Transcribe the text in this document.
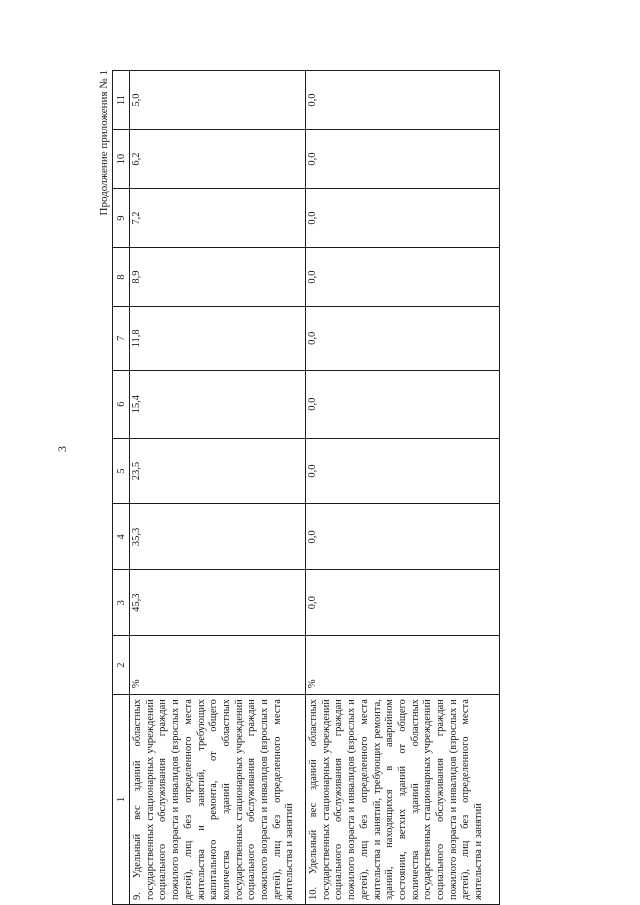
3
Продолжение приложения № 1
1	2	3	4	5	6	7	8	9	10	11
9. Удельный вес зданий областных государственных стационарных учреждений социального обслуживания граждан пожилого возраста и инвалидов (взрослых и детей), лиц без определенного места жительства и занятий, требующих капитального ремонта, от общего количества зданий областных государственных стационарных учреждений социального обслуживания граждан пожилого возраста и инвалидов (взрослых и детей), лиц без определенного места жительства и занятий	%	45,3	35,3	23,5	15,4	11,8	8,9	7,2	6,2	5,0
10. Удельный вес зданий областных государственных стационарных учреждений социального обслуживания граждан пожилого возраста и инвалидов (взрослых и детей), лиц без определенного места жительства и занятий, требующих ремонта, зданий, находящихся в аварийном состоянии, ветхих зданий от общего количества зданий областных государственных стационарных учреждений социального обслуживания граждан пожилого возраста и инвалидов (взрослых и детей), лиц без определенного места жительства и занятий	%	0,0	0,0	0,0	0,0	0,0	0,0	0,0	0,0	0,0
